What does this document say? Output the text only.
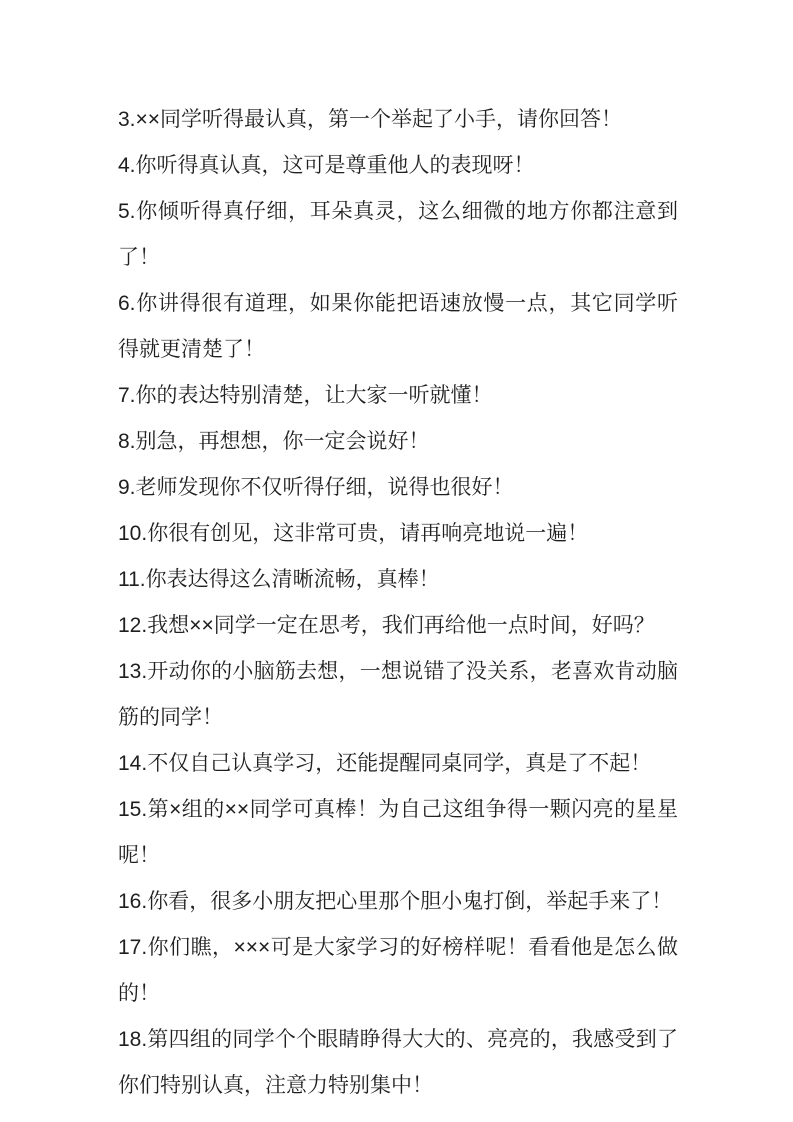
3.××同学听得最认真，第一个举起了小手，请你回答！

4.你听得真认真，这可是尊重他人的表现呀！

5.你倾听得真仔细，耳朵真灵，这么细微的地方你都注意到了！

6.你讲得很有道理，如果你能把语速放慢一点，其它同学听得就更清楚了！

7.你的表达特别清楚，让大家一听就懂！

8.别急，再想想，你一定会说好！

9.老师发现你不仅听得仔细，说得也很好！

10.你很有创见，这非常可贵，请再响亮地说一遍！

11.你表达得这么清晰流畅，真棒！

12.我想××同学一定在思考，我们再给他一点时间，好吗？

13.开动你的小脑筋去想，一想说错了没关系，老喜欢肯动脑筋的同学！

14.不仅自己认真学习，还能提醒同桌同学，真是了不起！

15.第×组的××同学可真棒！为自己这组争得一颗闪亮的星星呢！

16.你看，很多小朋友把心里那个胆小鬼打倒，举起手来了！

17.你们瞧，×××可是大家学习的好榜样呢！看看他是怎么做的！

18.第四组的同学个个眼睛睁得大大的、亮亮的，我感受到了你们特别认真，注意力特别集中！
